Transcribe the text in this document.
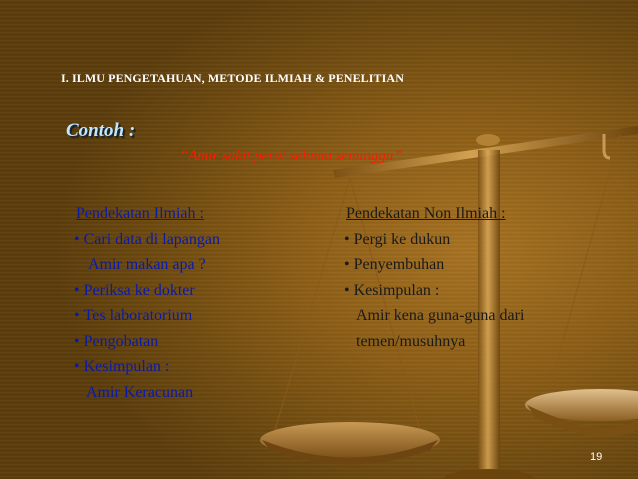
I. ILMU PENGETAHUAN, METODE ILMIAH & PENELITIAN
Contoh :
“Amir sakit perut selama seminggu”
Pendekatan Ilmiah :
• Cari data di lapangan
Amir makan apa ?
• Periksa ke dokter
• Tes laboratorium
• Pengobatan
• Kesimpulan :
Amir Keracunan
Pendekatan Non Ilmiah :
• Pergi ke dukun
• Penyembuhan
• Kesimpulan :
Amir kena guna-guna dari
temen/musuhnya
19
